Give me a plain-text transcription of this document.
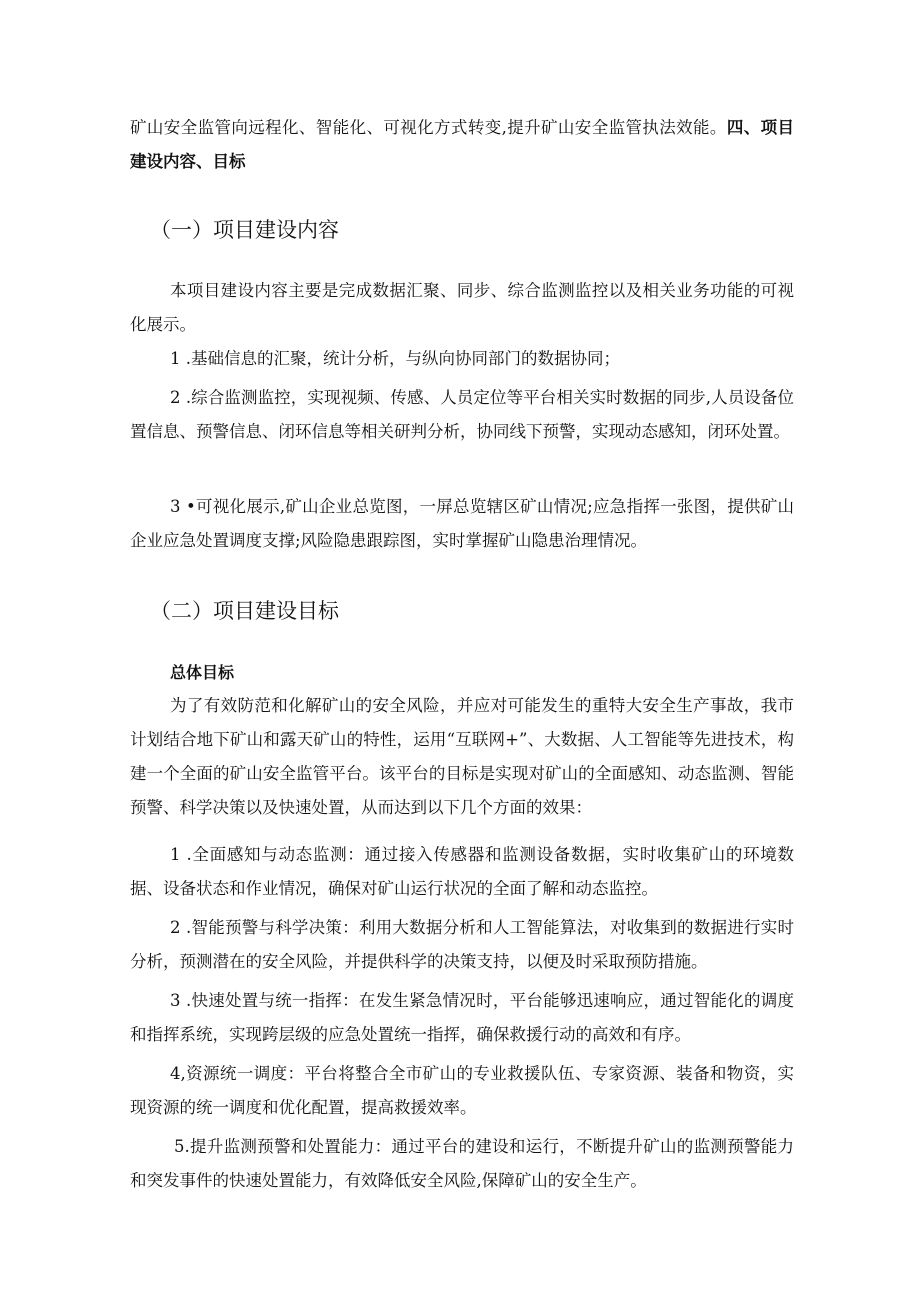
矿山安全监管向远程化、智能化、可视化方式转变,提升矿山安全监管执法效能。四、项目建设内容、目标

（一）项目建设内容

本项目建设内容主要是完成数据汇聚、同步、综合监测监控以及相关业务功能的可视化展示。

1 .基础信息的汇聚，统计分析，与纵向协同部门的数据协同；

2 .综合监测监控，实现视频、传感、人员定位等平台相关实时数据的同步,人员设备位置信息、预警信息、闭环信息等相关研判分析，协同线下预警，实现动态感知，闭环处置。

3 •可视化展示,矿山企业总览图，一屏总览辖区矿山情况;应急指挥一张图，提供矿山企业应急处置调度支撑;风险隐患跟踪图，实时掌握矿山隐患治理情况。

（二）项目建设目标

总体目标

为了有效防范和化解矿山的安全风险，并应对可能发生的重特大安全生产事故，我市计划结合地下矿山和露天矿山的特性，运用“互联网+”、大数据、人工智能等先进技术，构建一个全面的矿山安全监管平台。该平台的目标是实现对矿山的全面感知、动态监测、智能预警、科学决策以及快速处置，从而达到以下几个方面的效果：

1 .全面感知与动态监测：通过接入传感器和监测设备数据，实时收集矿山的环境数据、设备状态和作业情况，确保对矿山运行状况的全面了解和动态监控。

2 .智能预警与科学决策：利用大数据分析和人工智能算法，对收集到的数据进行实时分析，预测潜在的安全风险，并提供科学的决策支持，以便及时采取预防措施。

3 .快速处置与统一指挥：在发生紧急情况时，平台能够迅速响应，通过智能化的调度和指挥系统，实现跨层级的应急处置统一指挥，确保救援行动的高效和有序。

4,资源统一调度：平台将整合全市矿山的专业救援队伍、专家资源、装备和物资，实现资源的统一调度和优化配置，提高救援效率。

5.提升监测预警和处置能力：通过平台的建设和运行，不断提升矿山的监测预警能力和突发事件的快速处置能力，有效降低安全风险,保障矿山的安全生产。
